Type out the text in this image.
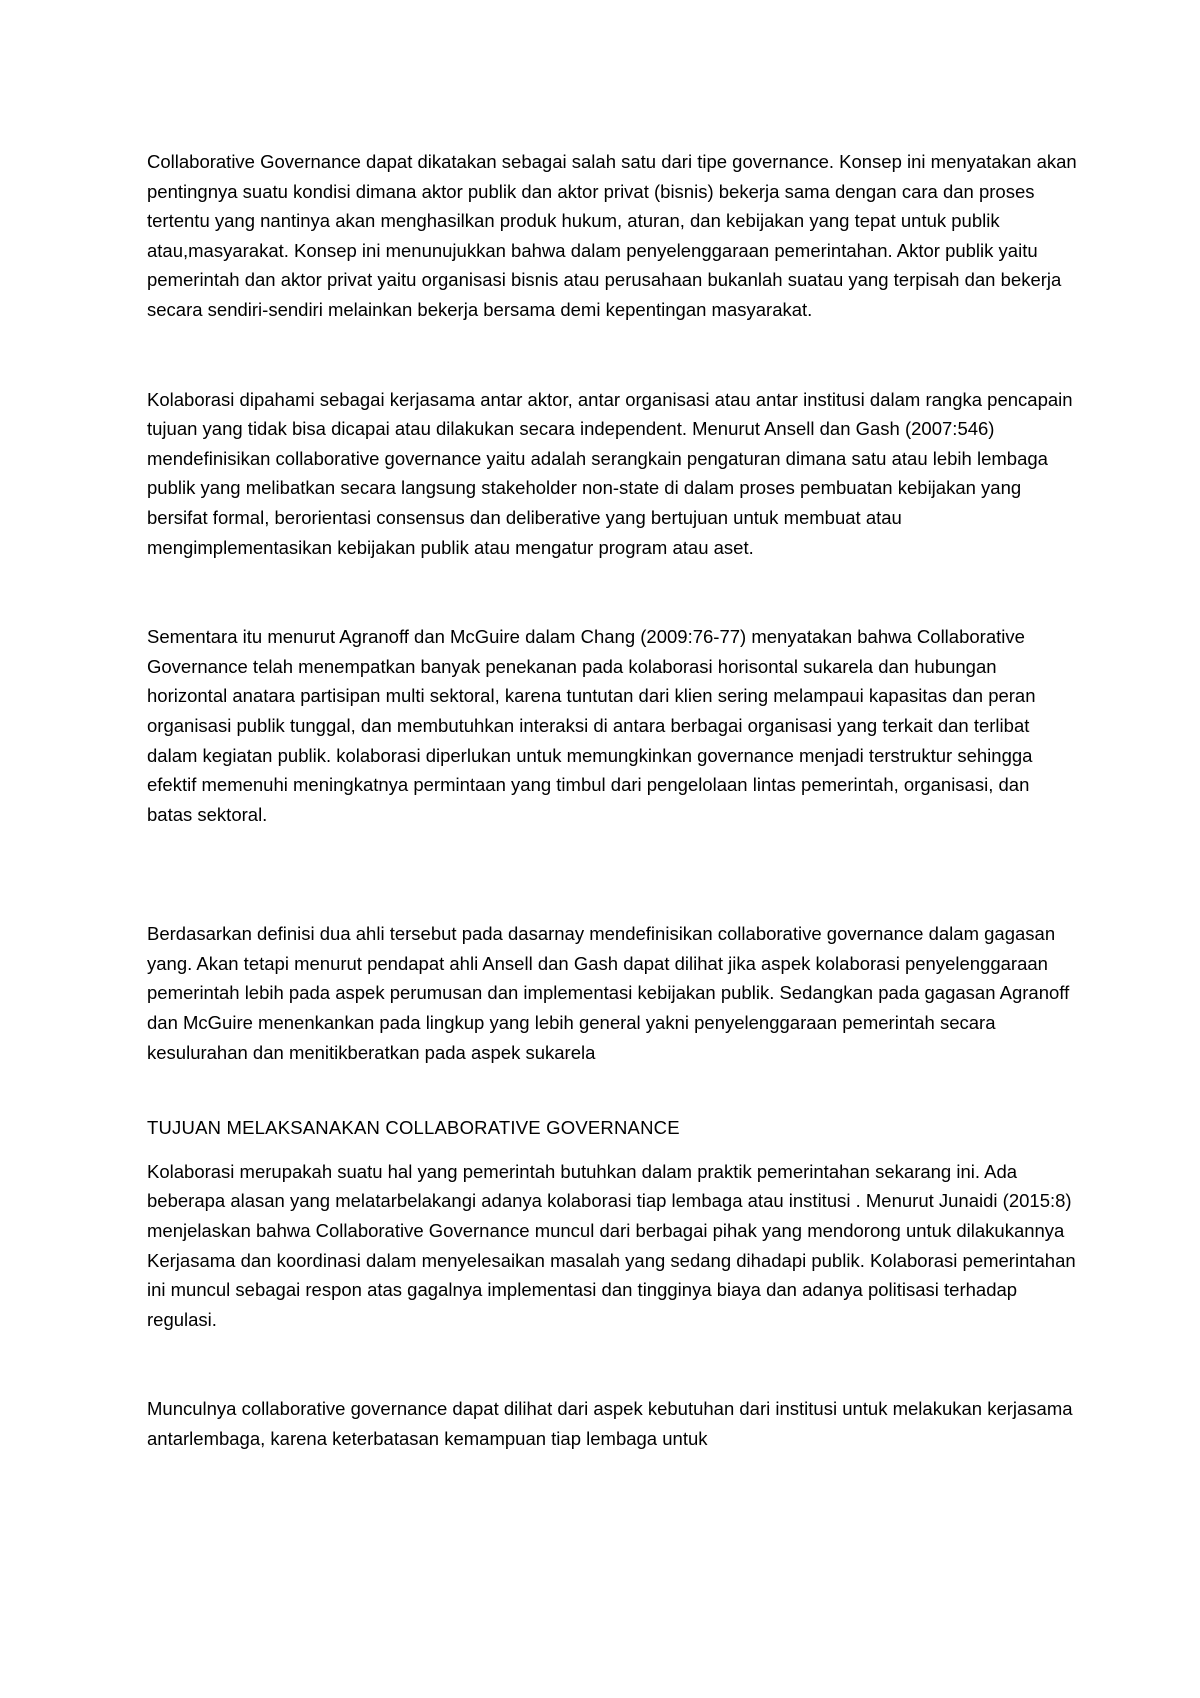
Collaborative Governance dapat dikatakan sebagai salah satu dari tipe governance. Konsep ini menyatakan akan pentingnya suatu kondisi dimana aktor publik dan aktor privat (bisnis) bekerja sama dengan cara dan proses tertentu yang nantinya akan menghasilkan produk hukum, aturan, dan kebijakan yang tepat untuk publik atau,masyarakat. Konsep ini menunujukkan bahwa dalam penyelenggaraan pemerintahan. Aktor publik yaitu pemerintah dan aktor privat yaitu organisasi bisnis atau perusahaan bukanlah suatau yang terpisah dan bekerja secara sendiri-sendiri melainkan bekerja bersama demi kepentingan masyarakat.

Kolaborasi dipahami sebagai kerjasama antar aktor, antar organisasi atau antar institusi dalam rangka pencapain tujuan yang tidak bisa dicapai atau dilakukan secara independent. Menurut Ansell dan Gash (2007:546) mendefinisikan collaborative governance yaitu adalah serangkain pengaturan dimana satu atau lebih lembaga publik yang melibatkan secara langsung stakeholder non-state di dalam proses pembuatan kebijakan yang bersifat formal, berorientasi consensus dan deliberative yang bertujuan untuk membuat atau mengimplementasikan kebijakan publik atau mengatur program atau aset.

Sementara itu menurut Agranoff dan McGuire dalam Chang (2009:76-77) menyatakan bahwa Collaborative Governance telah menempatkan banyak penekanan pada kolaborasi horisontal sukarela dan hubungan horizontal anatara partisipan multi sektoral, karena tuntutan dari klien sering melampaui kapasitas dan peran organisasi publik tunggal, dan membutuhkan interaksi di antara berbagai organisasi yang terkait dan terlibat dalam kegiatan publik. kolaborasi diperlukan untuk memungkinkan governance menjadi terstruktur sehingga efektif memenuhi meningkatnya permintaan yang timbul dari pengelolaan lintas pemerintah, organisasi, dan batas sektoral.

Berdasarkan definisi dua ahli tersebut pada dasarnay mendefinisikan collaborative governance dalam gagasan yang. Akan tetapi menurut pendapat ahli Ansell dan Gash dapat dilihat jika aspek kolaborasi penyelenggaraan pemerintah lebih pada aspek perumusan dan implementasi kebijakan publik. Sedangkan pada gagasan Agranoff dan McGuire menenkankan pada lingkup yang lebih general yakni penyelenggaraan pemerintah secara kesulurahan dan menitikberatkan pada aspek sukarela

TUJUAN MELAKSANAKAN COLLABORATIVE GOVERNANCE

Kolaborasi merupakah suatu hal yang pemerintah butuhkan dalam praktik pemerintahan sekarang ini. Ada beberapa alasan yang melatarbelakangi adanya kolaborasi tiap lembaga atau institusi . Menurut Junaidi (2015:8) menjelaskan bahwa Collaborative Governance muncul dari berbagai pihak yang mendorong untuk dilakukannya Kerjasama dan koordinasi dalam menyelesaikan masalah yang sedang dihadapi publik. Kolaborasi pemerintahan ini muncul sebagai respon atas gagalnya implementasi dan tingginya biaya dan adanya politisasi terhadap regulasi.

Munculnya collaborative governance dapat dilihat dari aspek kebutuhan dari institusi untuk melakukan kerjasama antarlembaga, karena keterbatasan kemampuan tiap lembaga untuk
